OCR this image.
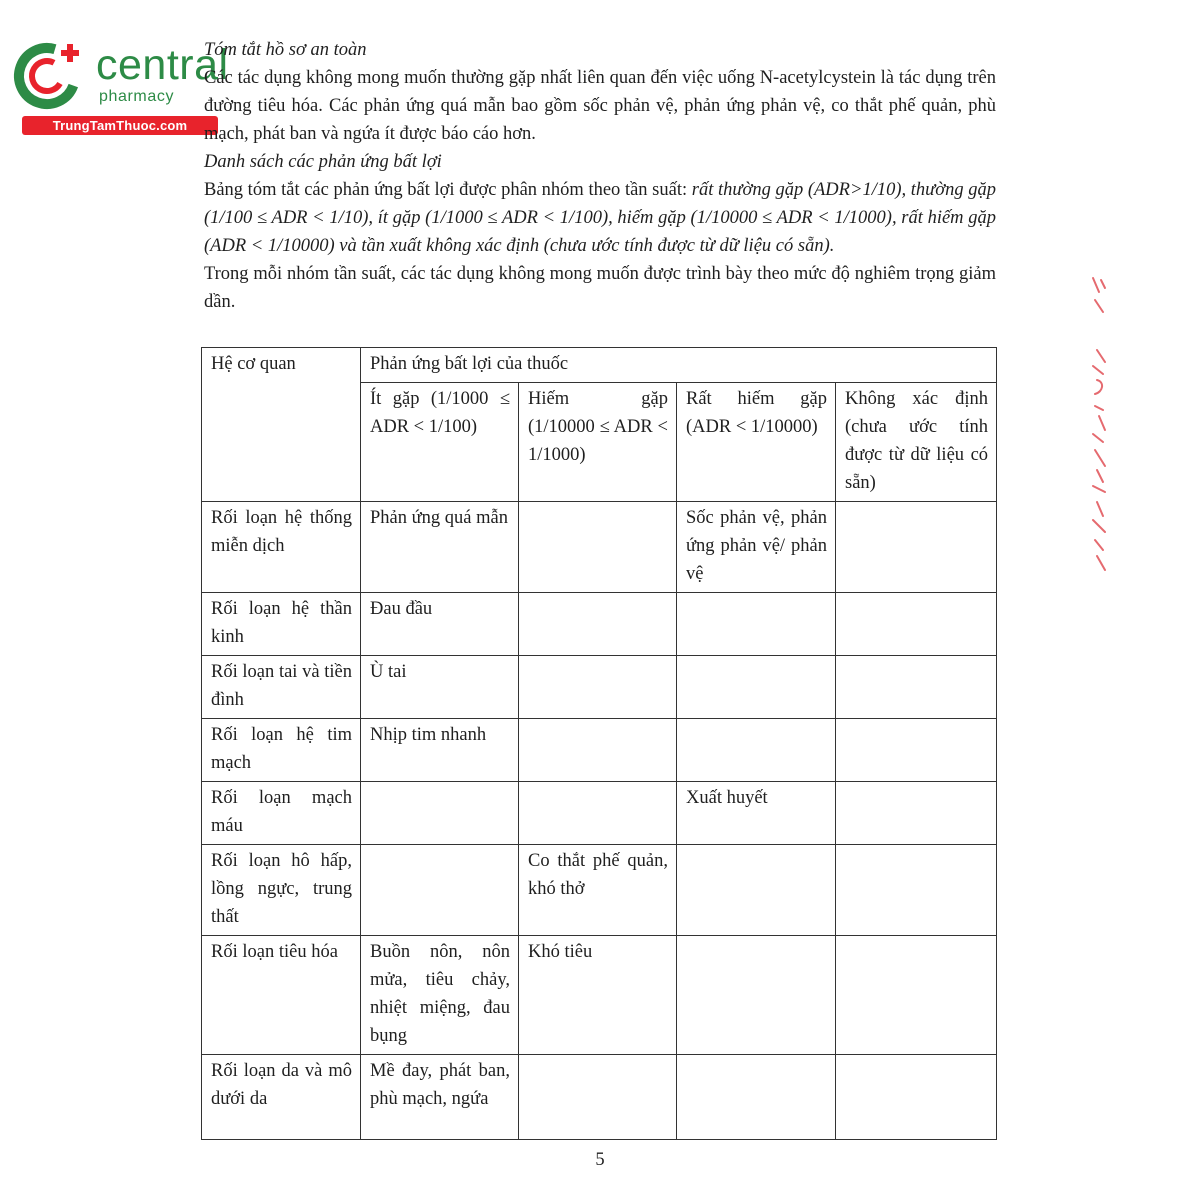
central
pharmacy
TrungTamThuoc.com

Tóm tắt hồ sơ an toàn

Các tác dụng không mong muốn thường gặp nhất liên quan đến việc uống N-acetylcystein là tác dụng trên đường tiêu hóa. Các phản ứng quá mẫn bao gồm sốc phản vệ, phản ứng phản vệ, co thắt phế quản, phù mạch, phát ban và ngứa ít được báo cáo hơn.

Danh sách các phản ứng bất lợi

Bảng tóm tắt các phản ứng bất lợi được phân nhóm theo tần suất: rất thường gặp (ADR>1/10), thường gặp (1/100 ≤ ADR < 1/10), ít gặp (1/1000 ≤ ADR < 1/100), hiếm gặp (1/10000 ≤ ADR < 1/1000), rất hiếm gặp (ADR < 1/10000) và tần xuất không xác định (chưa ước tính được từ dữ liệu có sẵn).

Trong mỗi nhóm tần suất, các tác dụng không mong muốn được trình bày theo mức độ nghiêm trọng giảm dần.

Hệ cơ quan	Phản ứng bất lợi của thuốc			
	Ít gặp (1/1000 ≤ ADR < 1/100)	Hiếm gặp (1/10000 ≤ ADR < 1/1000)	Rất hiếm gặp (ADR < 1/10000)	Không xác định (chưa ước tính được từ dữ liệu có sẵn)
Rối loạn hệ thống miễn dịch	Phản ứng quá mẫn		Sốc phản vệ, phản ứng phản vệ/ phản vệ	
Rối loạn hệ thần kinh	Đau đầu			
Rối loạn tai và tiền đình	Ù tai			
Rối loạn hệ tim mạch	Nhịp tim nhanh			
Rối loạn mạch máu			Xuất huyết	
Rối loạn hô hấp, lồng ngực, trung thất		Co thắt phế quản, khó thở		
Rối loạn tiêu hóa	Buồn nôn, nôn mửa, tiêu chảy, nhiệt miệng, đau bụng	Khó tiêu		
Rối loạn da và mô dưới da	Mề đay, phát ban, phù mạch, ngứa			
5
